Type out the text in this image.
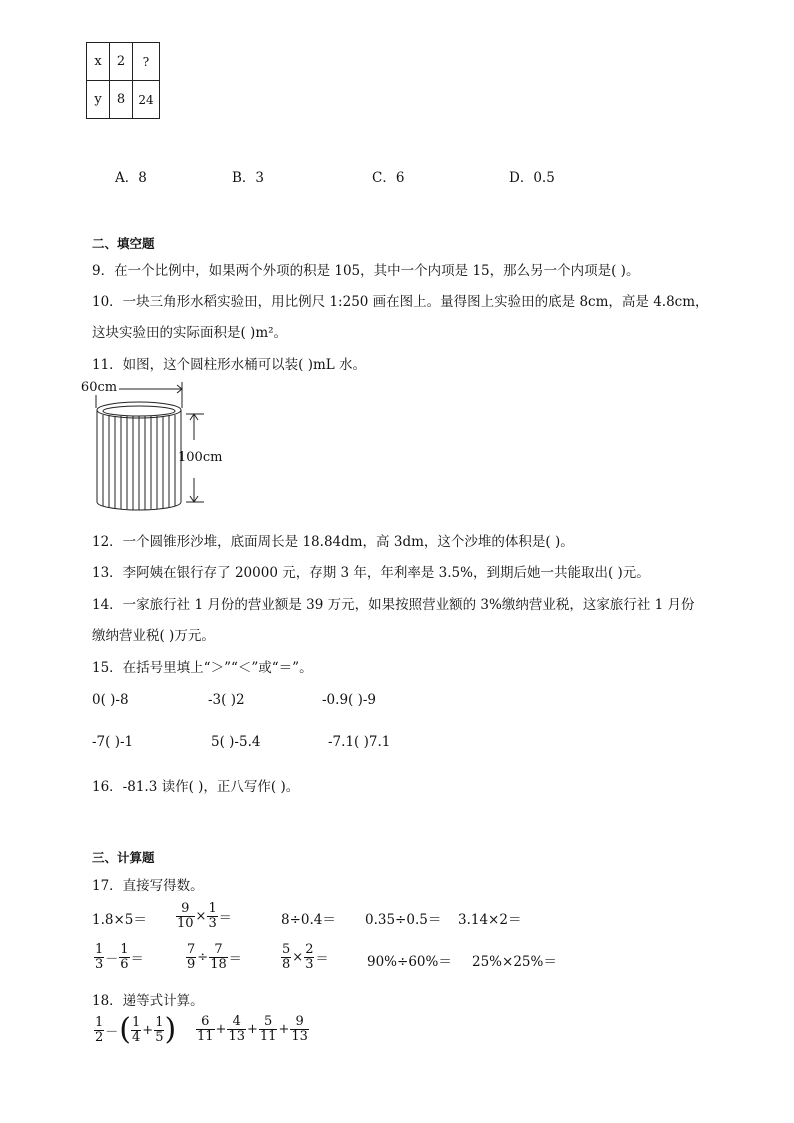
x	2	?
y	8	24
A．8	B．3	C．6	D．0.5
二、填空题
9．在一个比例中，如果两个外项的积是 105，其中一个内项是 15，那么另一个内项是( )。
10．一块三角形水稻实验田，用比例尺 1:250 画在图上。量得图上实验田的底是 8cm，高是 4.8cm，
这块实验田的实际面积是( )m²。
11．如图，这个圆柱形水桶可以装( )mL 水。
60cm
100cm
12．一个圆锥形沙堆，底面周长是 18.84dm，高 3dm，这个沙堆的体积是( )。
13．李阿姨在银行存了 20000 元，存期 3 年，年利率是 3.5%，到期后她一共能取出( )元。
14．一家旅行社 1 月份的营业额是 39 万元，如果按照营业额的 3%缴纳营业税，这家旅行社 1 月份
缴纳营业税( )万元。
15．在括号里填上“＞”“＜”或“＝”。
0( )-8	-3( )2	-0.9( )-9
-7( )-1	5( )-5.4	-7.1( )7.1
16．-81.3 读作( )，正八写作( )。
三、计算题
17．直接写得数。
$1.8\times 5= \frac{9}{10} \times \frac{1}{3}$ ＝	8÷0.4＝ 0.35÷0.5＝ 3.14×2＝
$\frac{1}{3} - \frac{1}{6}$ ＝	$\frac{7}{9} \div \frac{7}{18}$ ＝	$\frac{5}{8} \times \frac{2}{3}$ ＝	90%÷60%＝ 25%×25%＝
18．递等式计算。
$\frac{1}{2}$ －( $\frac{1}{4} + \frac{1}{5}$ ) $\frac{6}{11} + \frac{4}{13} + \frac{5}{11} + \frac{9}{13}$
